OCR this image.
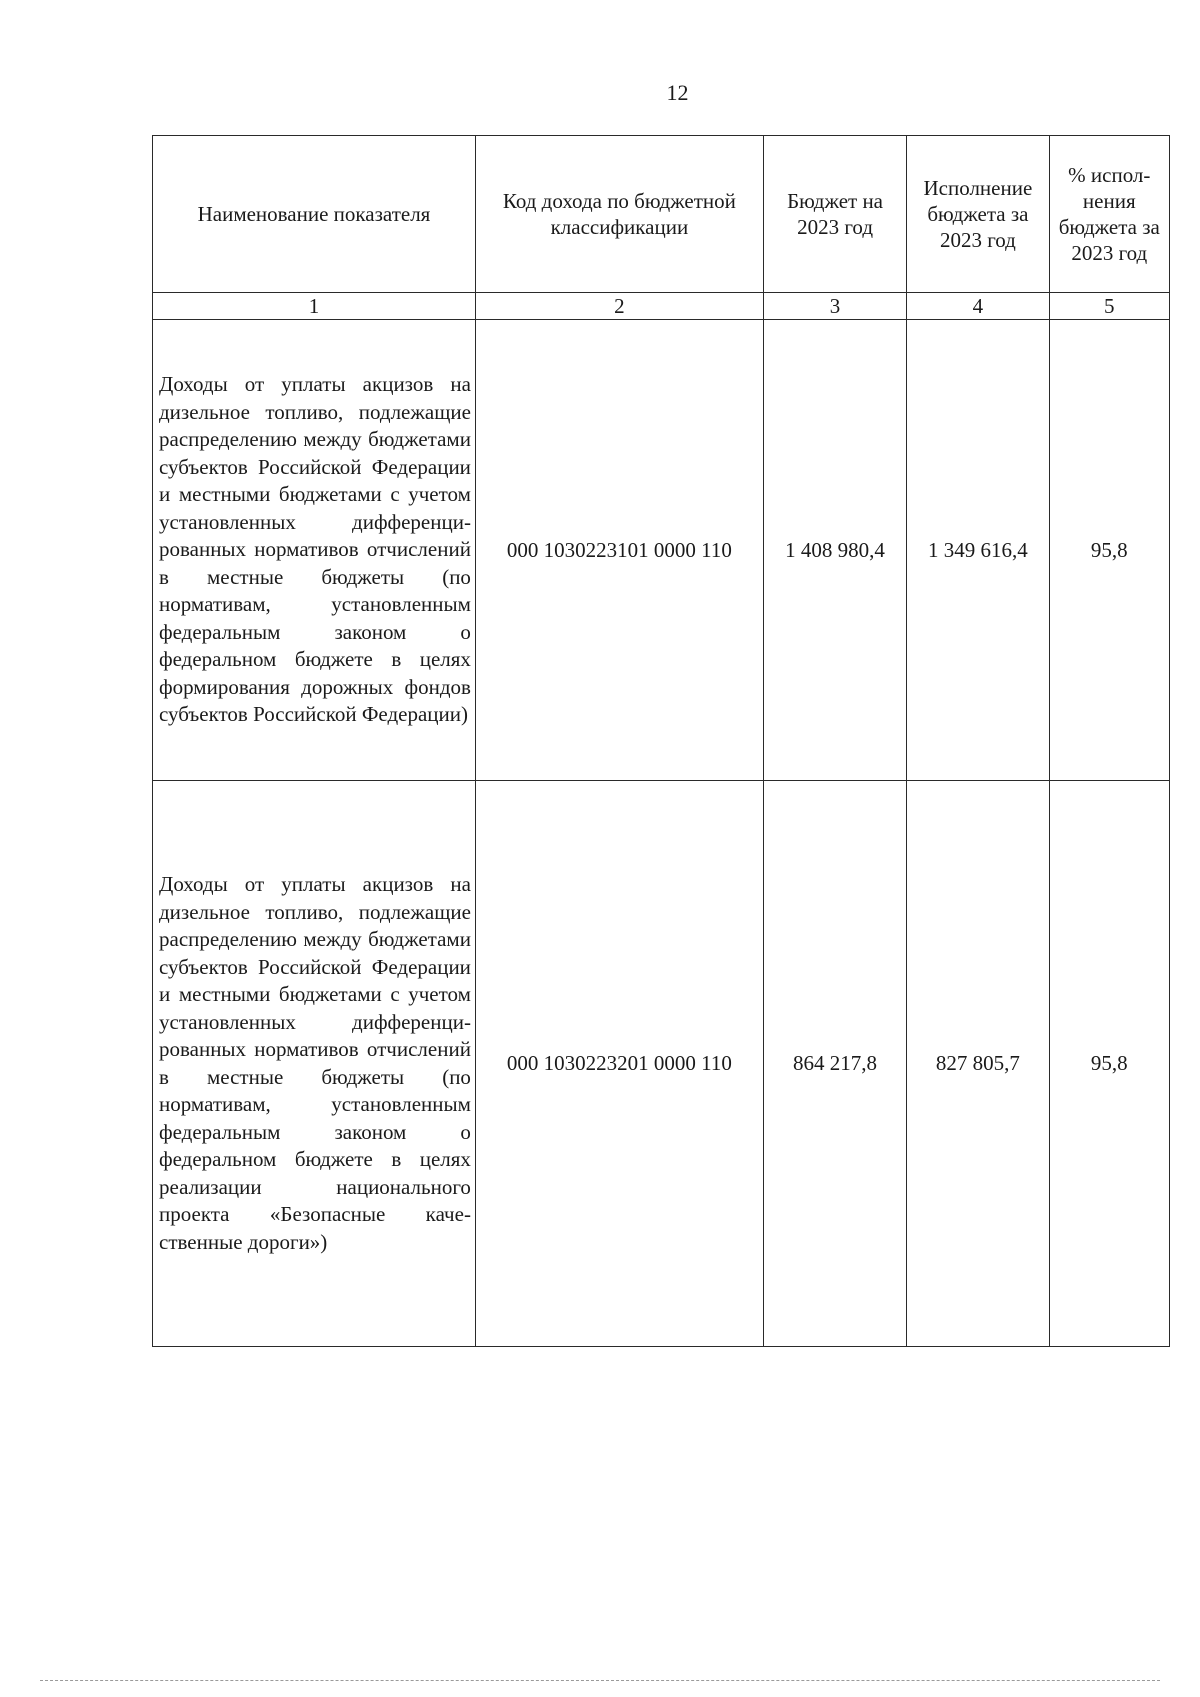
12
Наименование показателя	Код дохода по бюджетной классификации	Бюджет на 2023 год	Исполнение бюджета за 2023 год	% исполнения бюджета за 2023 год
1	2	3	4	5
Доходы от уплаты акцизов на дизельное топливо, подлежащие распределению между бюджетами субъектов Российской Федерации и местными бюджетами с учетом установленных дифференцированных нормативов отчислений в местные бюджеты (по нормативам, установленным федеральным законом о федеральном бюджете в целях формирования дорожных фондов субъектов Российской Федерации)	000 1030223101 0000 110	1 408 980,4	1 349 616,4	95,8
Доходы от уплаты акцизов на дизельное топливо, подлежащие распределению между бюджетами субъектов Российской Федерации и местными бюджетами с учетом установленных дифференцированных нормативов отчислений в местные бюджеты (по нормативам, установленным федеральным законом о федеральном бюджете в целях реализации национального проекта «Безопасные качественные дороги»)	000 1030223201 0000 110	864 217,8	827 805,7	95,8
